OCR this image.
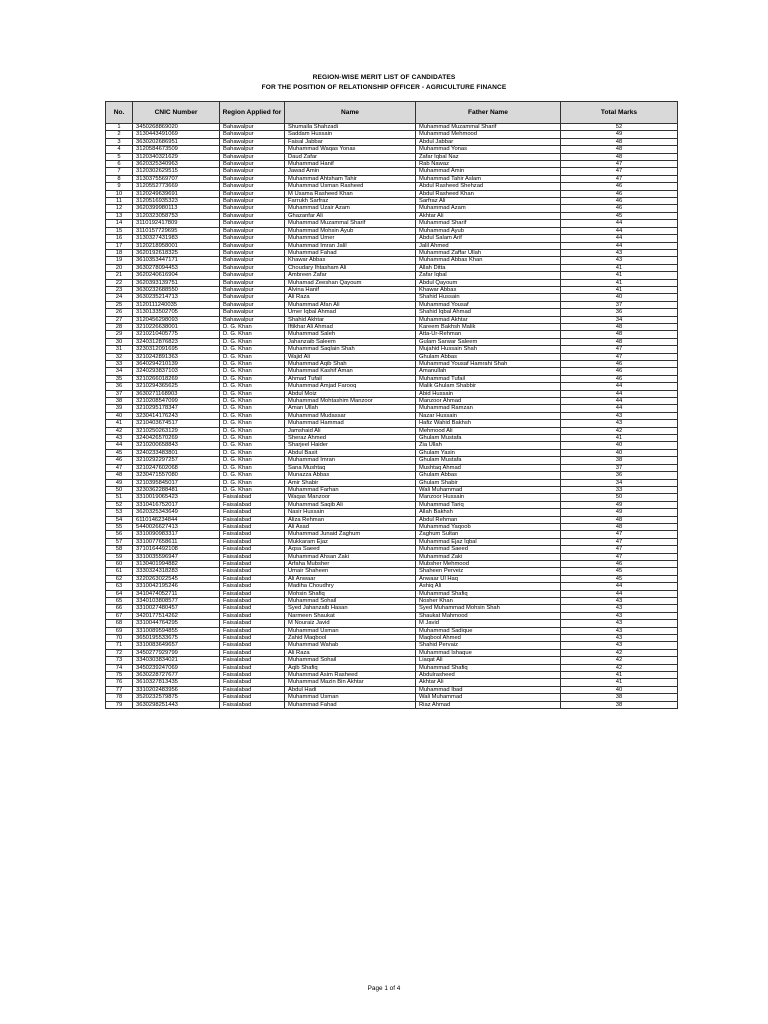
REGION-WISE MERIT LIST OF CANDIDATES
FOR THE POSITION OF RELATIONSHIP OFFICER - AGRICULTURE FINANCE
No.	CNIC Number	Region Applied for	Name	Father Name	Total Marks
1	3450268869020	Bahawalpur	Shumaila Shahzadi	Muhammad Muzammal Sharif	52
2	3130443491069	Bahawalpur	Saddam Hussain	Muhammad Mehmood	49
3	3630202686951	Bahawalpur	Faisal Jabbar	Abdul Jabbar	48
4	3120584673509	Bahawalpur	Muhammad Waqas Yonas	Muhammad Yonas	48
5	3120340321629	Bahawalpur	Daud Zafar	Zafar Iqbal Naz	48
6	3620325340963	Bahawalpur	Muhammad Hanif	Rab Nawaz	47
7	3120302629515	Bahawalpur	Jawad Amin	Muhammad Amin	47
8	3130375569707	Bahawalpur	Muhammad Ahtsham Tahir	Muhammad Tahir Aslam	47
9	3120552773669	Bahawalpur	Muhammad Usman Rasheed	Abdul Rasheed Shehzad	46
10	3120249639691	Bahawalpur	M Usama Rasheed Khan	Abdul Rasheed Khan	46
11	3120516935323	Bahawalpur	Farrukh Sarfraz	Sarfraz Ali	46
12	3620399980113	Bahawalpur	Muhammad Uzair Azam	Muhammad Azam	46
13	3120323058753	Bahawalpur	Ghazanfar Ali	Akhtar Ali	45
14	3110192417809	Bahawalpur	Muhammad Muzammal Sharif	Muhammad Sharif	44
15	3110157729695	Bahawalpur	Muhammad Mohsin Ayub	Muhammad Ayub	44
16	3130327431983	Bahawalpur	Muhammad Umer	Abdul Salam Arif	44
17	3120218958001	Bahawalpur	Muhammad Imran Jalil	Jalil Ahmed	44
18	3620192618325	Bahawalpur	Muhammad Fahad	Muhammad Zaffar Ullah	43
19	3610353447171	Bahawalpur	Khawar Abbas	Muhammad Abbas Khan	43
20	3630278094453	Bahawalpur	Choudary Ihtasham Ali	Allah Ditta	41
21	3620240616904	Bahawalpur	Ambreen Zafar	Zafar Iqbal	41
22	3620393139751	Bahawalpur	Muhamad Zeeshan Qayoum	Abdul Qayoum	41
23	3630232688550	Bahawalpur	Alvina Hanif	Khawar Abbas	41
24	3630235214713	Bahawalpur	Ali Raza	Shahid Hussain	40
25	3120111240035	Bahawalpur	Muhammad Afan Ali	Muhammad Yousaf	37
26	3130133502705	Bahawalpur	Umer Iqbal Ahmad	Shahid Iqbal Ahmad	36
27	3120456298093	Bahawalpur	Shahid Akhtar	Muhammad Akhtar	34
28	3210226638001	D. G. Khan	Iftikhar Ali Ahmad	Kareem Bakhsh Malik	48
29	3210210405775	D. G. Khan	Muhammad Saleh	Atta-Ur-Rehman	48
30	3240312876823	D. G. Khan	Jahanzaib Saleem	Gulam Sarwar Saleem	48
31	3230312091695	D. G. Khan	Muhammad Saqlain Shah	Mujahid Hussain Shah	47
32	3210242891363	D. G. Khan	Wajid Ali	Ghulam Abbas	47
33	3640294210139	D. G. Khan	Muhammad Aqib Shah	Muhammad Yousaf Hamrahi Shah	46
34	3240293837103	D. G. Khan	Muhammad Kashif Aman	Amanullah	46
35	3210266018269	D. G. Khan	Ahmad Tufail	Muhammad Tufail	46
36	3210294365625	D. G. Khan	Muhammad Amjad Farooq	Malik Ghulam Shabbir	44
37	3630271168903	D. G. Khan	Abdul Moiz	Abid Hussain	44
38	3210208547099	D. G. Khan	Muhammad Mohtashim Manzoor	Manzoor Ahmad	44
39	3210295178347	D. G. Khan	Aman Ullah	Muhammad Ramzan	44
40	3230414176243	D. G. Khan	Muhammad Mudassar	Nazar Hussain	43
41	3210403674517	D. G. Khan	Muhammad Hammad	Hafiz Wahid Bakhsh	43
42	3210250263129	D. G. Khan	Jamshaid Ali	Mehmood Ali	42
43	3240426570269	D. G. Khan	Sheraz Ahmed	Ghulam Mustafa	41
44	3210200658843	D. G. Khan	Sharjeel Haider	Zia Ullah	40
45	3240233483801	D. G. Khan	Abdul Basit	Ghulam Yasin	40
46	3210292297257	D. G. Khan	Muhammad Imran	Ghulam Mustafa	38
47	3210247602068	D. G. Khan	Sana Mushtaq	Mushtaq Ahmad	37
48	3230471557080	D. G. Khan	Munazza Abbas	Ghulam Abbas	36
49	3210395845017	D. G. Khan	Amir Shabir	Ghulam Shabir	34
50	3230362288481	D. G. Khan	Muhammad Farhan	Wali Muhammad	33
51	3310019065423	Faisalabad	Waqas Manzoor	Manzoor Hussain	50
52	3310416752017	Faisalabad	Muhammad Saqib Ali	Muhammad Tariq	49
53	3620325343649	Faisalabad	Nasir Hussain	Allah Bakhsh	49
54	6110146234844	Faisalabad	Aliza Rehman	Abdul Rehman	48
55	5440026627413	Faisalabad	Ali Asad	Muhammad Yaqoob	48
56	3310090983317	Faisalabad	Muhammad Junaid Zaghum	Zaghum Sultan	47
57	3310077658611	Faisalabad	Mukkaram Ejaz	Muhammad Ejaz Iqbal	47
58	3710164492108	Faisalabad	Aqsa Saeed	Muhammad Saeed	47
59	3310035596947	Faisalabad	Muhammad Ahsan Zaki	Muhammad Zaki	47
60	3130401994882	Faisalabad	Arfaha Mubsher	Mubsher Mehmood	46
61	3330324318283	Faisalabad	Umair Shaheen	Shaheen Perveiz	45
62	3220263022545	Faisalabad	Ali Anwaar	Anwaar Ul Haq	45
63	3310042195246	Faisalabad	Madiha Choudhry	Ashiq Ali	44
64	3410474052711	Faisalabad	Mohsin Shafiq	Muhammad Shafiq	44
65	3340103808577	Faisalabad	Muhammad Sohail	Nosher Khan	43
66	3310027480457	Faisalabad	Syed Jahanzaib Hasan	Syed Muhammad Mohsin Shah	43
67	3420177514262	Faisalabad	Narmeen Shaukat	Shaukat Mahmood	43
68	3310044764295	Faisalabad	M Nouraiz Javid	M Javid	43
69	3310089594855	Faisalabad	Muhammad Usman	Muhammad Sadique	43
70	3650195533675	Faisalabad	Zahid Maqbool	Maqbool Ahmed	43
71	3310083649657	Faisalabad	Muhammad Wahab	Shahid Pervaiz	43
72	3450277929799	Faisalabad	Ali Raza	Muhammad Ishaque	42
73	3340303834021	Faisalabad	Muhammad Sohail	Liaqat Ali	42
74	3450239247069	Faisalabad	Aqib Shafiq	Muhammad Shafiq	42
75	3630228727677	Faisalabad	Muhammad Asim Rasheed	Abdulrasheed	41
76	3610327813435	Faisalabad	Muhammad Mazin Bin Akhtar	Akhtar Ali	41
77	3310202483956	Faisalabad	Abdul Hadi	Muhammad Ibad	40
78	3520232579875	Faisalabad	Muhammad Usman	Wali Muhammad	38
79	3630298251443	Faisalabad	Muhammad Fahad	Riaz Ahmad	38
Page 1 of 4
